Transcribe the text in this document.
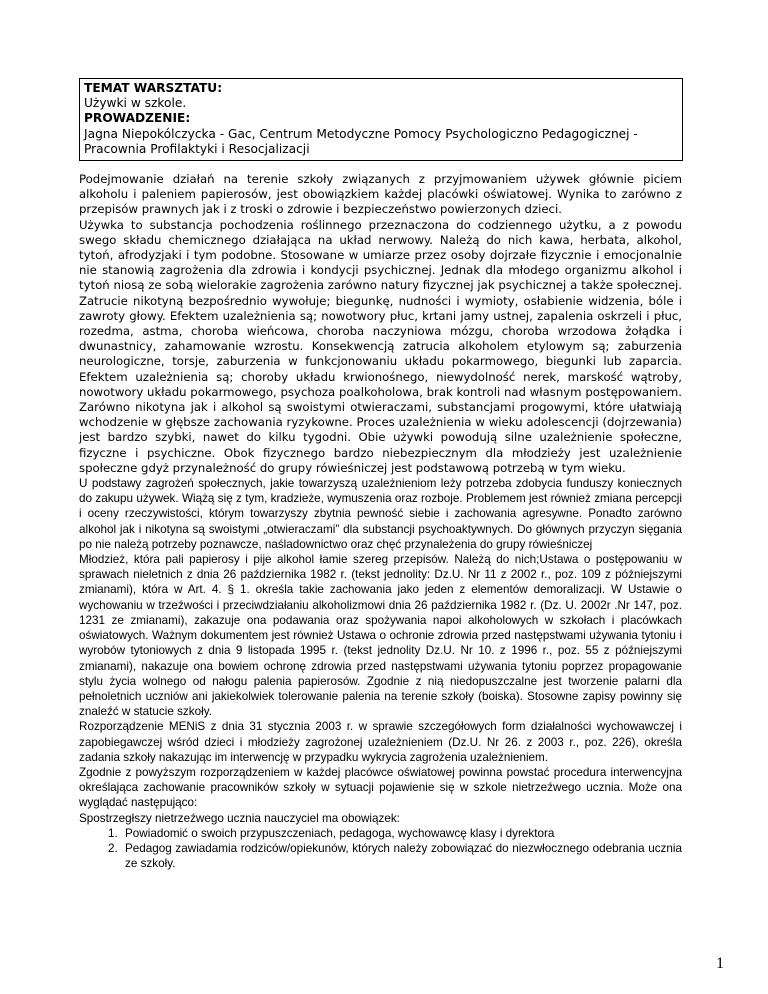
TEMAT WARSZTATU:
Używki w szkole.
PROWADZENIE:
Jagna Niepokólczycka - Gac, Centrum Metodyczne Pomocy Psychologiczno Pedagogicznej - Pracownia Profilaktyki i Resocjalizacji

Podejmowanie działań na terenie szkoły związanych z przyjmowaniem używek głównie piciem alkoholu i paleniem papierosów, jest obowiązkiem każdej placówki oświatowej. Wynika to zarówno z przepisów prawnych jak i z troski o zdrowie i bezpieczeństwo powierzonych dzieci.

Używka to substancja pochodzenia roślinnego przeznaczona do codziennego użytku, a z powodu swego składu chemicznego działająca na układ nerwowy. Należą do nich kawa, herbata, alkohol, tytoń, afrodyzjaki i tym podobne. Stosowane w umiarze przez osoby dojrzałe fizycznie i emocjonalnie nie stanowią zagrożenia dla zdrowia i kondycji psychicznej. Jednak dla młodego organizmu alkohol i tytoń niosą ze sobą wielorakie zagrożenia zarówno natury fizycznej jak psychicznej a także społecznej. Zatrucie nikotyną bezpośrednio wywołuje; biegunkę, nudności i wymioty, osłabienie widzenia, bóle i zawroty głowy. Efektem uzależnienia są; nowotwory płuc, krtani jamy ustnej, zapalenia oskrzeli i płuc, rozedma, astma, choroba wieńcowa, choroba naczyniowa mózgu, choroba wrzodowa żołądka i dwunastnicy, zahamowanie wzrostu. Konsekwencją zatrucia alkoholem etylowym są; zaburzenia neurologiczne, torsje, zaburzenia w funkcjonowaniu układu pokarmowego, biegunki lub zaparcia. Efektem uzależnienia są; choroby układu krwionośnego, niewydolność nerek, marskość wątroby, nowotwory układu pokarmowego, psychoza poalkoholowa, brak kontroli nad własnym postępowaniem. Zarówno nikotyna jak i alkohol są swoistymi otwieraczami, substancjami progowymi, które ułatwiają wchodzenie w głębsze zachowania ryzykowne. Proces uzależnienia w wieku adolescencji (dojrzewania) jest bardzo szybki, nawet do kilku tygodni. Obie używki powodują silne uzależnienie społeczne, fizyczne i psychiczne. Obok fizycznego bardzo niebezpiecznym dla młodzieży jest uzależnienie społeczne gdyż przynależność do grupy rówieśniczej jest podstawową potrzebą w tym wieku.

U podstawy zagrożeń społecznych, jakie towarzyszą uzależnieniom leży potrzeba zdobycia funduszy koniecznych do zakupu używek. Wiążą się z tym, kradzieże, wymuszenia oraz rozboje. Problemem jest również zmiana percepcji i oceny rzeczywistości, którym towarzyszy zbytnia pewność siebie i zachowania agresywne. Ponadto zarówno alkohol jak i nikotyna są swoistymi „otwieraczami” dla substancji psychoaktywnych. Do głównych przyczyn sięgania po nie należą potrzeby poznawcze, naśladownictwo oraz chęć przynależenia do grupy rówieśniczej

Młodzież, która pali papierosy i pije alkohol łamie szereg przepisów. Należą do nich;Ustawa o postępowaniu w sprawach nieletnich z dnia 26 października 1982 r. (tekst jednolity: Dz.U. Nr 11 z 2002 r., poz. 109 z późniejszymi zmianami), która w Art. 4. § 1. określa takie zachowania jako jeden z elementów demoralizacji. W Ustawie o wychowaniu w trzeźwości i przeciwdziałaniu alkoholizmowi dnia 26 października 1982 r. (Dz. U. 2002r .Nr 147, poz. 1231 ze zmianami), zakazuje ona podawania oraz spożywania napoi alkoholowych w szkołach i placówkach oświatowych. Ważnym dokumentem jest również Ustawa o ochronie zdrowia przed następstwami używania tytoniu i wyrobów tytoniowych z dnia 9 listopada 1995 r. (tekst jednolity Dz.U. Nr 10. z 1996 r., poz. 55 z późniejszymi zmianami), nakazuje ona bowiem ochronę zdrowia przed następstwami używania tytoniu poprzez propagowanie stylu życia wolnego od nałogu palenia papierosów. Zgodnie z nią niedopuszczalne jest tworzenie palarni dla pełnoletnich uczniów ani jakiekolwiek tolerowanie palenia na terenie szkoły (boiska). Stosowne zapisy powinny się znaleźć w statucie szkoły.

Rozporządzenie MENiS z dnia 31 stycznia 2003 r. w sprawie szczegółowych form działalności wychowawczej i zapobiegawczej wśród dzieci i młodzieży zagrożonej uzależnieniem (Dz.U. Nr 26. z 2003 r., poz. 226), określa zadania szkoły nakazując im interwencję w przypadku wykrycia zagrożenia uzależnieniem.

Zgodnie z powyższym rozporządzeniem w każdej placówce oświatowej powinna powstać procedura interwencyjna określająca zachowanie pracowników szkoły w sytuacji pojawienie się w szkole nietrzeźwego ucznia. Może ona wyglądać następująco:

Spostrzegłszy nietrzeźwego ucznia nauczyciel ma obowiązek:

1. Powiadomić o swoich przypuszczeniach, pedagoga, wychowawcę klasy i dyrektora
2. Pedagog zawiadamia rodziców/opiekunów, których należy zobowiązać do niezwłocznego odebrania ucznia ze szkoły.
1
